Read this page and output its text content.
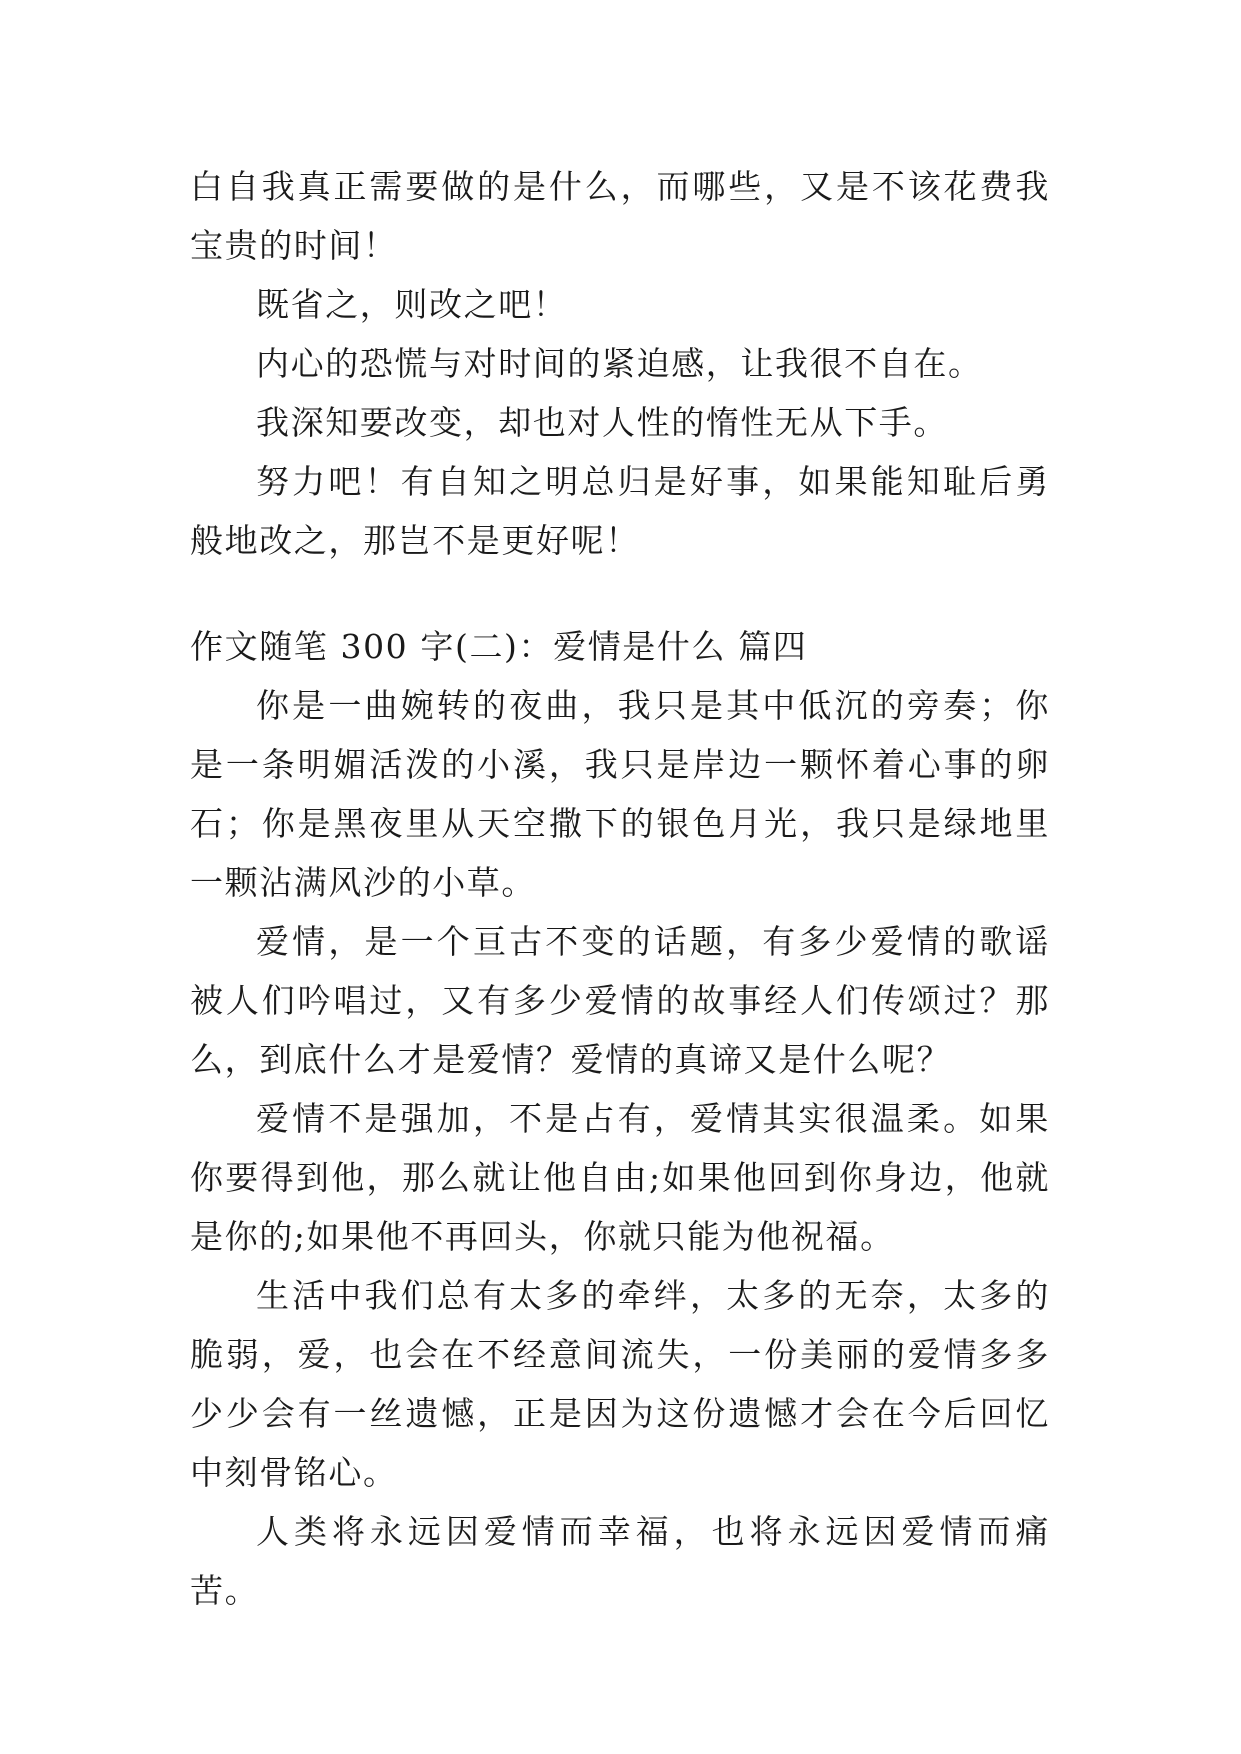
白自我真正需要做的是什么，而哪些，又是不该花费我宝贵的时间！

既省之，则改之吧！

内心的恐慌与对时间的紧迫感，让我很不自在。

我深知要改变，却也对人性的惰性无从下手。

努力吧！有自知之明总归是好事，如果能知耻后勇般地改之，那岂不是更好呢！

作文随笔 300 字(二)：爱情是什么 篇四

你是一曲婉转的夜曲，我只是其中低沉的旁奏；你是一条明媚活泼的小溪，我只是岸边一颗怀着心事的卵石；你是黑夜里从天空撒下的银色月光，我只是绿地里一颗沾满风沙的小草。

爱情，是一个亘古不变的话题，有多少爱情的歌谣被人们吟唱过，又有多少爱情的故事经人们传颂过？那么，到底什么才是爱情？爱情的真谛又是什么呢？

爱情不是强加，不是占有，爱情其实很温柔。如果你要得到他，那么就让他自由;如果他回到你身边，他就是你的;如果他不再回头，你就只能为他祝福。

生活中我们总有太多的牵绊，太多的无奈，太多的脆弱，爱，也会在不经意间流失，一份美丽的爱情多多少少会有一丝遗憾，正是因为这份遗憾才会在今后回忆中刻骨铭心。

人类将永远因爱情而幸福，也将永远因爱情而痛苦。
